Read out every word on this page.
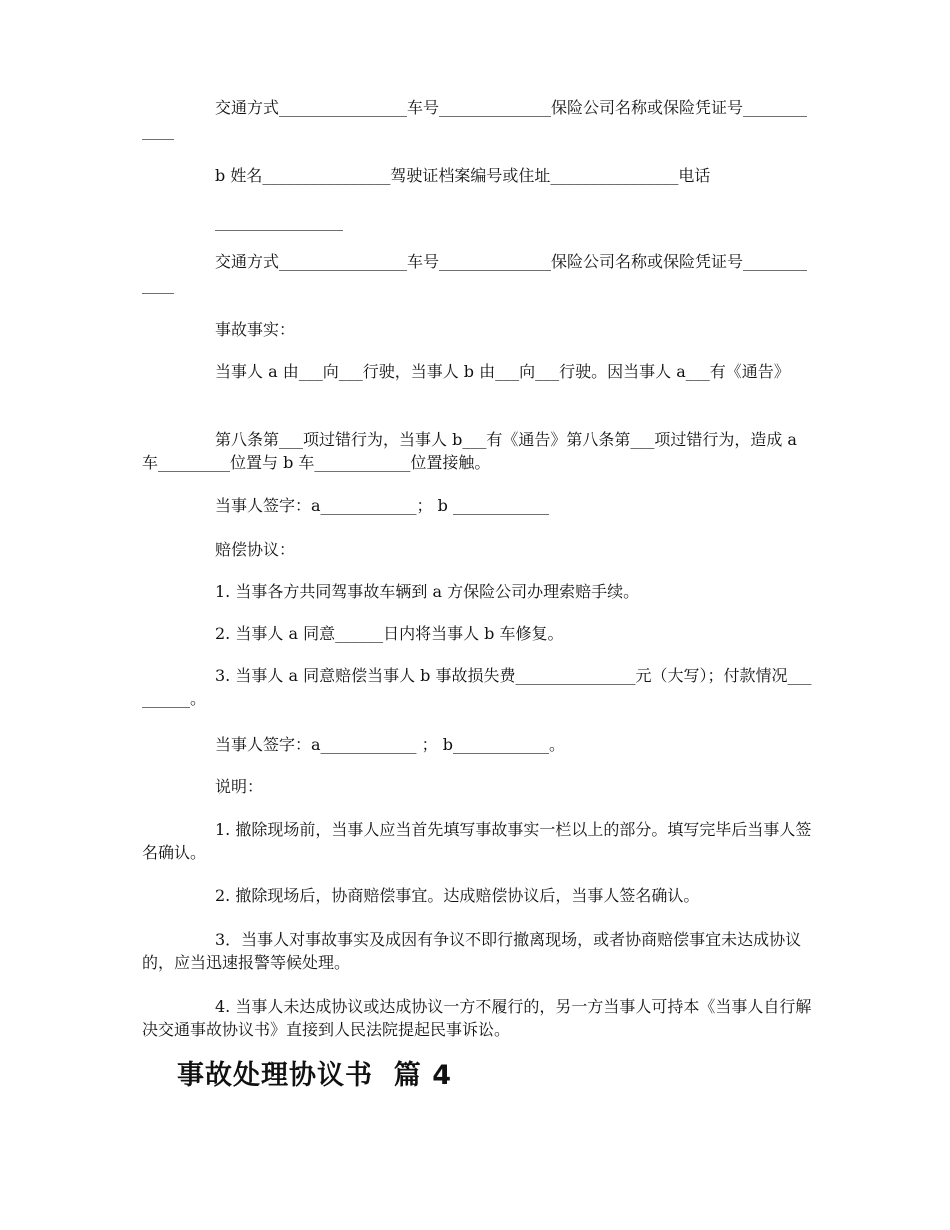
交通方式________________车号______________保险公司名称或保险凭证号____________

b 姓名________________驾驶证档案编号或住址________________电话

________________

交通方式________________车号______________保险公司名称或保险凭证号____________

事故事实：

当事人 a 由___向___行驶，当事人 b 由___向___行驶。因当事人 a___有《通告》

第八条第___项过错行为，当事人 b___有《通告》第八条第___项过错行为，造成 a 车_________位置与 b 车____________位置接触。

当事人签字：a____________； b ____________

赔偿协议：

1. 当事各方共同驾事故车辆到 a 方保险公司办理索赔手续。

2. 当事人 a 同意______日内将当事人 b 车修复。

3. 当事人 a 同意赔偿当事人 b 事故损失费_______________元（大写）；付款情况_________。

当事人签字：a____________ ； b____________。

说明：

1. 撤除现场前，当事人应当首先填写事故事实一栏以上的部分。填写完毕后当事人签名确认。

2. 撤除现场后，协商赔偿事宜。达成赔偿协议后，当事人签名确认。

3．当事人对事故事实及成因有争议不即行撤离现场，或者协商赔偿事宜未达成协议的，应当迅速报警等候处理。

4. 当事人未达成协议或达成协议一方不履行的，另一方当事人可持本《当事人自行解决交通事故协议书》直接到人民法院提起民事诉讼。

事故处理协议书  篇 4
